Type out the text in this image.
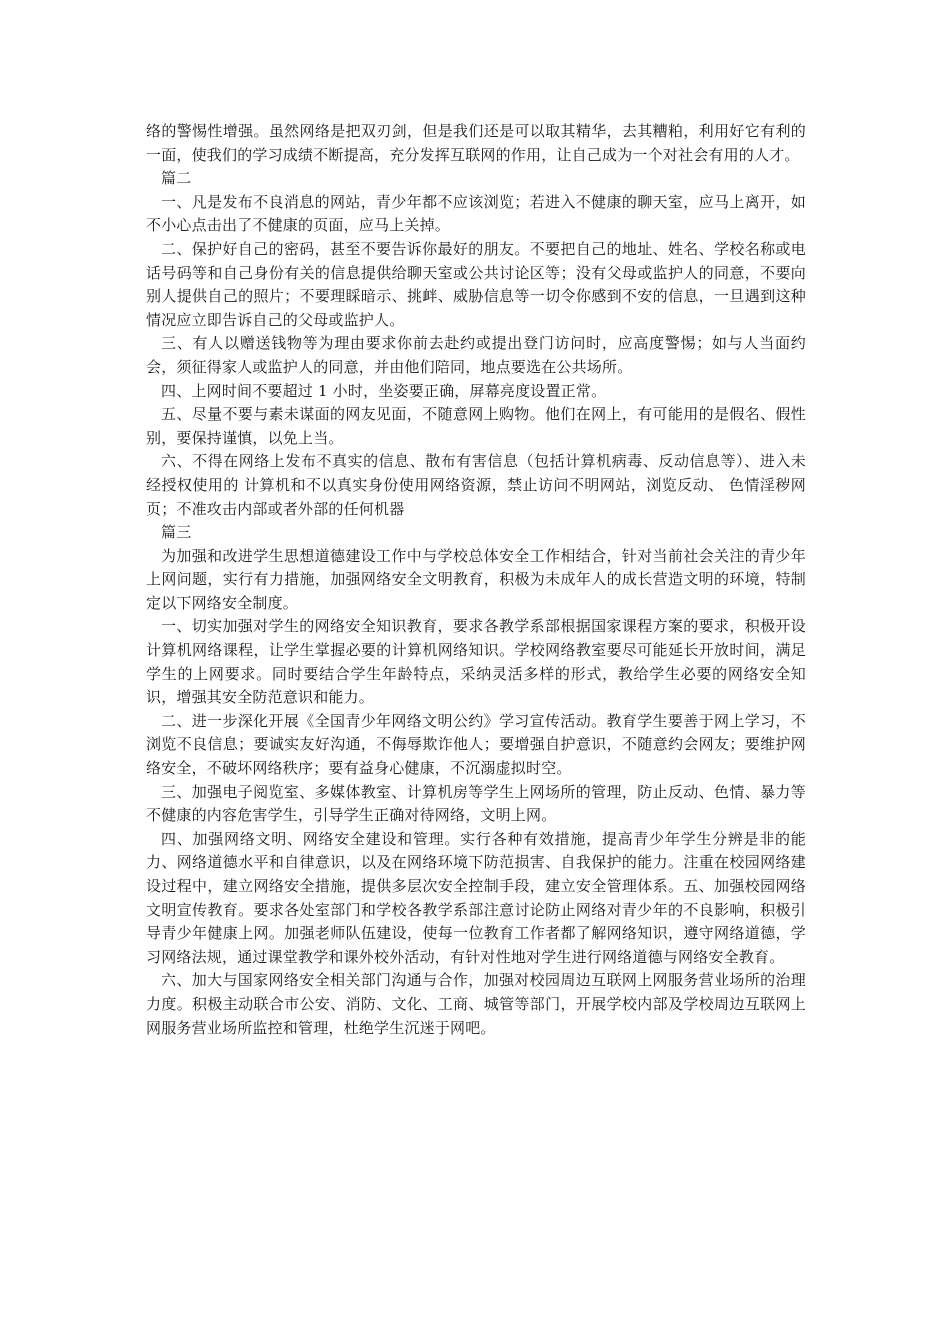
络的警惕性增强。虽然网络是把双刃剑，但是我们还是可以取其精华，去其糟粕，利用好它有利的一面，使我们的学习成绩不断提高，充分发挥互联网的作用，让自己成为一个对社会有用的人才。

篇二

一、凡是发布不良消息的网站，青少年都不应该浏览；若进入不健康的聊天室，应马上离开，如不小心点击出了不健康的页面，应马上关掉。

二、保护好自己的密码，甚至不要告诉你最好的朋友。不要把自己的地址、姓名、学校名称或电话号码等和自己身份有关的信息提供给聊天室或公共讨论区等；没有父母或监护人的同意，不要向别人提供自己的照片；不要理睬暗示、挑衅、威胁信息等一切令你感到不安的信息，一旦遇到这种情况应立即告诉自己的父母或监护人。

三、有人以赠送钱物等为理由要求你前去赴约或提出登门访问时，应高度警惕；如与人当面约会，须征得家人或监护人的同意，并由他们陪同，地点要选在公共场所。

四、上网时间不要超过 1 小时，坐姿要正确，屏幕亮度设置正常。

五、尽量不要与素未谋面的网友见面，不随意网上购物。他们在网上，有可能用的是假名、假性别，要保持谨慎，以免上当。

六、不得在网络上发布不真实的信息、散布有害信息（包括计算机病毒、反动信息等）、进入未经授权使用的 计算机和不以真实身份使用网络资源，禁止访问不明网站，浏览反动、 色情淫秽网页；不准攻击内部或者外部的任何机器

篇三

为加强和改进学生思想道德建设工作中与学校总体安全工作相结合，针对当前社会关注的青少年上网问题，实行有力措施，加强网络安全文明教育，积极为未成年人的成长营造文明的环境，特制定以下网络安全制度。

一、切实加强对学生的网络安全知识教育，要求各教学系部根据国家课程方案的要求，积极开设计算机网络课程，让学生掌握必要的计算机网络知识。学校网络教室要尽可能延长开放时间，满足学生的上网要求。同时要结合学生年龄特点，采纳灵活多样的形式，教给学生必要的网络安全知识，增强其安全防范意识和能力。

二、进一步深化开展《全国青少年网络文明公约》学习宣传活动。教育学生要善于网上学习，不浏览不良信息；要诚实友好沟通，不侮辱欺诈他人；要增强自护意识，不随意约会网友；要维护网络安全，不破坏网络秩序；要有益身心健康，不沉溺虚拟时空。

三、加强电子阅览室、多媒体教室、计算机房等学生上网场所的管理，防止反动、色情、暴力等不健康的内容危害学生，引导学生正确对待网络，文明上网。

四、加强网络文明、网络安全建设和管理。实行各种有效措施，提高青少年学生分辨是非的能力、网络道德水平和自律意识，以及在网络环境下防范损害、自我保护的能力。注重在校园网络建设过程中，建立网络安全措施，提供多层次安全控制手段，建立安全管理体系。五、加强校园网络文明宣传教育。要求各处室部门和学校各教学系部注意讨论防止网络对青少年的不良影响，积极引导青少年健康上网。加强老师队伍建设，使每一位教育工作者都了解网络知识，遵守网络道德，学习网络法规，通过课堂教学和课外校外活动，有针对性地对学生进行网络道德与网络安全教育。

六、加大与国家网络安全相关部门沟通与合作，加强对校园周边互联网上网服务营业场所的治理力度。积极主动联合市公安、消防、文化、工商、城管等部门，开展学校内部及学校周边互联网上网服务营业场所监控和管理，杜绝学生沉迷于网吧。
